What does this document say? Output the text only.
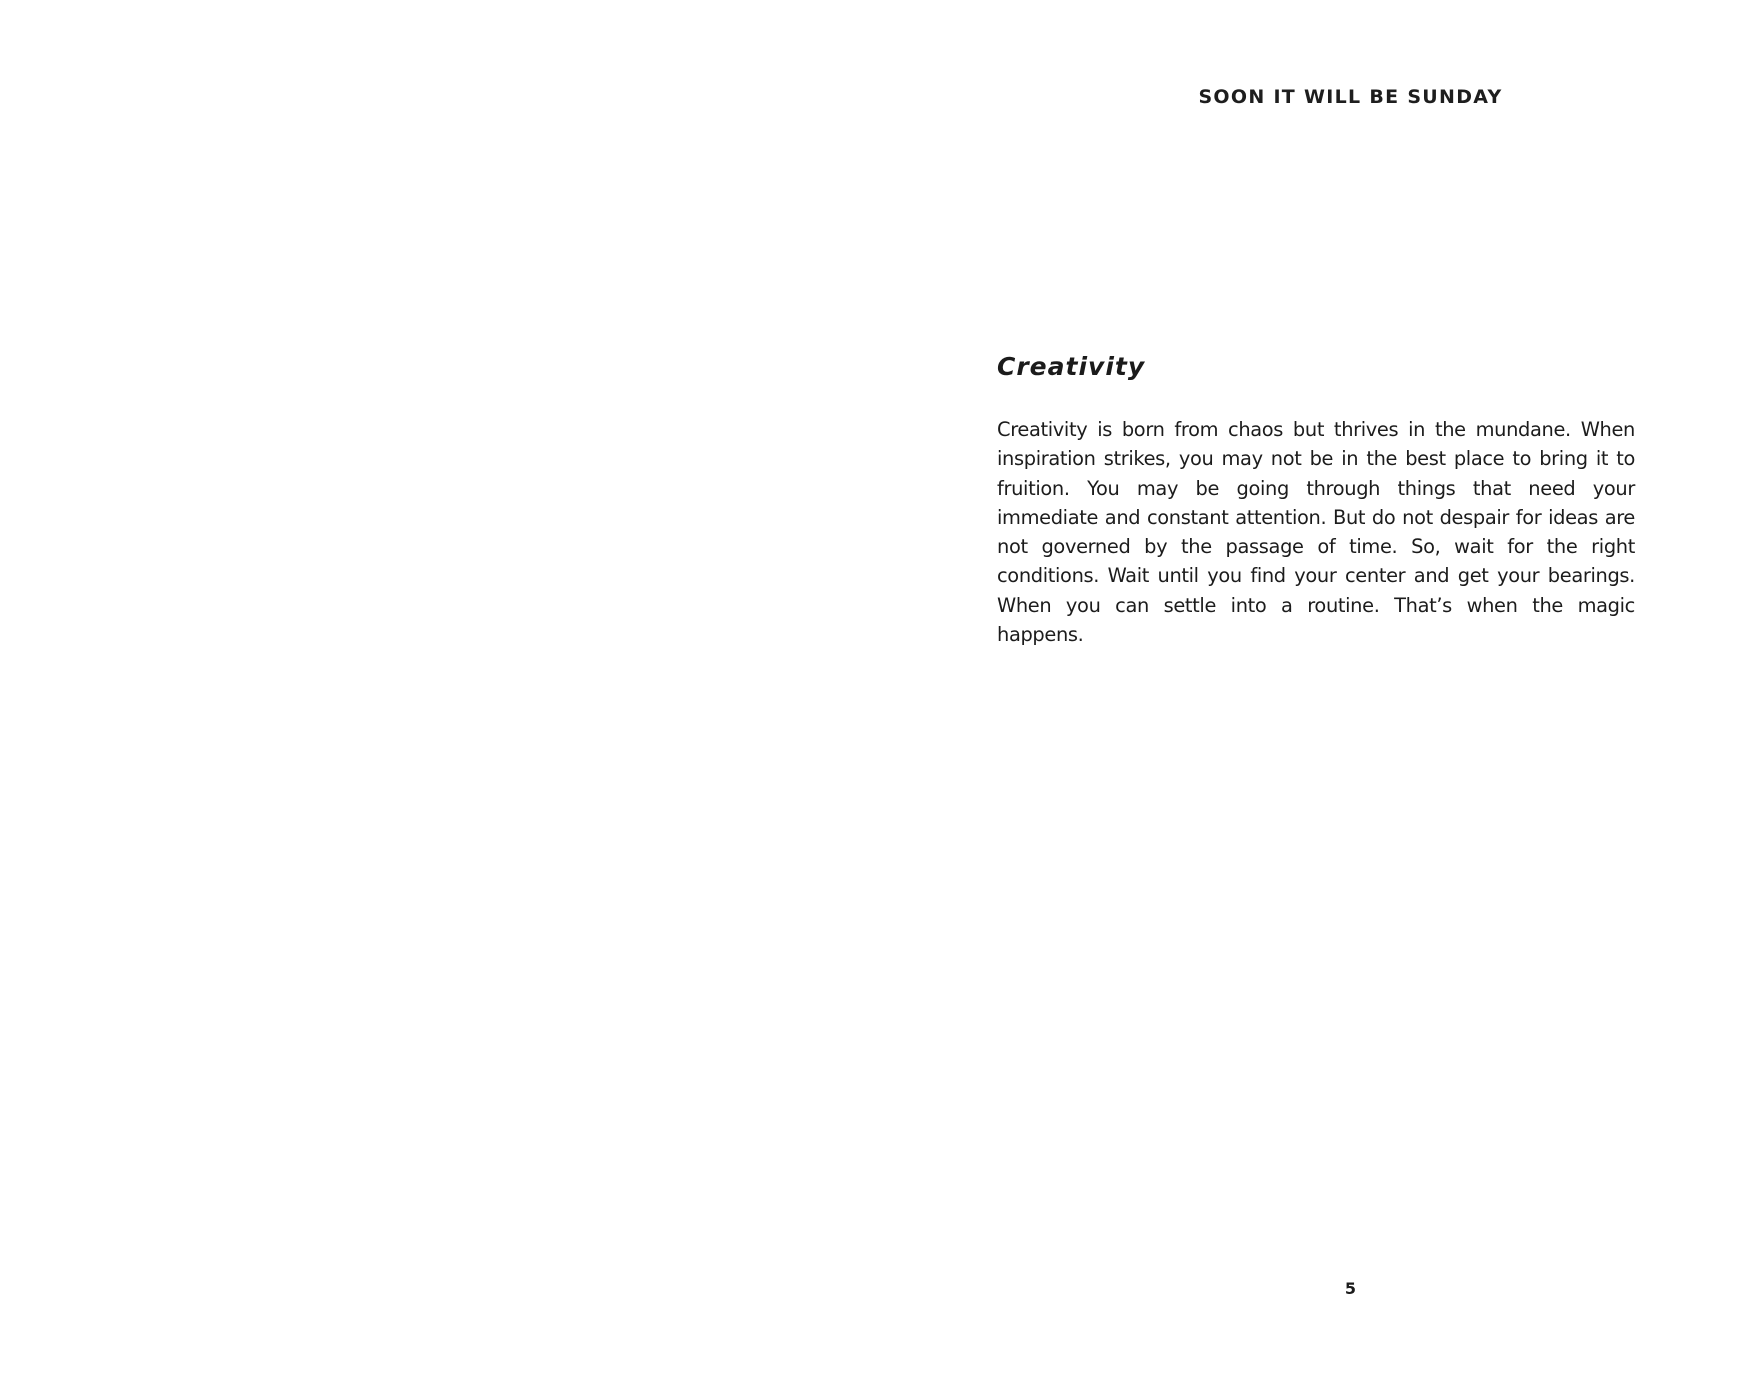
SOON IT WILL BE SUNDAY
Creativity

Creativity is born from chaos but thrives in the mundane. When inspiration strikes, you may not be in the best place to bring it to fruition. You may be going through things that need your immediate and constant attention. But do not despair for ideas are not governed by the passage of time. So, wait for the right conditions. Wait until you find your center and get your bearings. When you can settle into a routine. That’s when the magic happens.

5
